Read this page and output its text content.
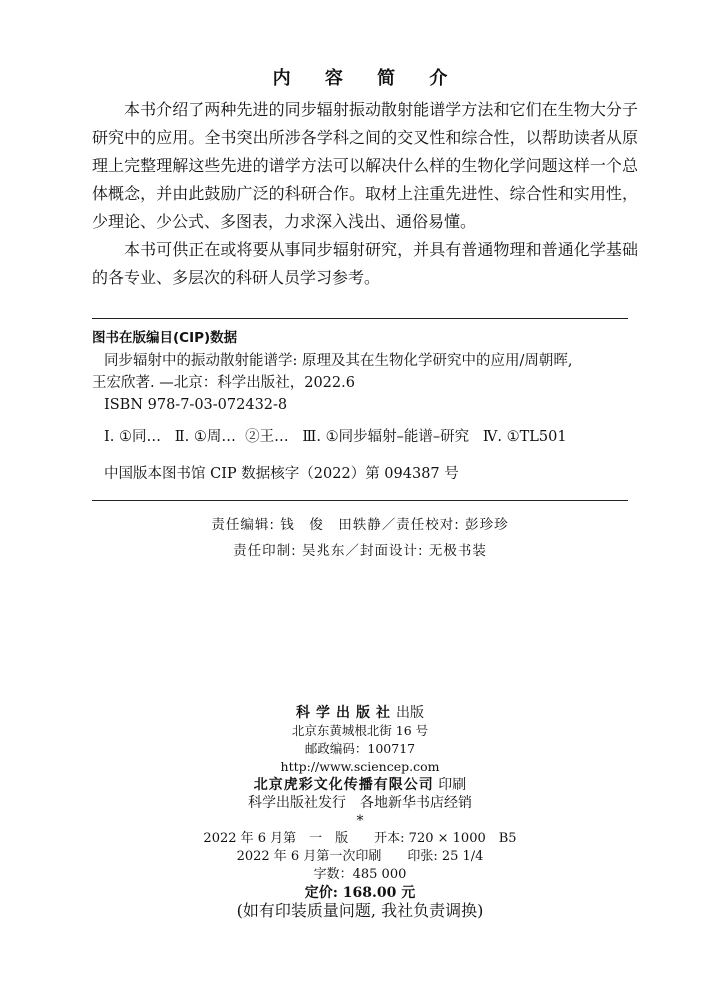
内 容 简 介

本书介绍了两种先进的同步辐射振动散射能谱学方法和它们在生物大分子研究中的应用。全书突出所涉各学科之间的交叉性和综合性，以帮助读者从原理上完整理解这些先进的谱学方法可以解决什么样的生物化学问题这样一个总体概念，并由此鼓励广泛的科研合作。取材上注重先进性、综合性和实用性，少理论、少公式、多图表，力求深入浅出、通俗易懂。

本书可供正在或将要从事同步辐射研究，并具有普通物理和普通化学基础的各专业、多层次的科研人员学习参考。

图书在版编目(CIP)数据

同步辐射中的振动散射能谱学: 原理及其在生物化学研究中的应用/周朝晖,

王宏欣著. —北京：科学出版社，2022.6

ISBN 978-7-03-072432-8

Ⅰ. ①同…   Ⅱ. ①周…  ②王…   Ⅲ. ①同步辐射–能谱–研究   Ⅳ. ①TL501

中国版本图书馆 CIP 数据核字（2022）第 094387 号

责任编辑: 钱　俊　田轶静／责任校对: 彭珍珍
责任印制: 吴兆东／封面设计: 无极书装

科学出版社出版

北京东黄城根北街 16 号

邮政编码：100717

http://www.sciencep.com

北京虎彩文化传播有限公司 印刷

科学出版社发行　各地新华书店经销

*

2022 年 6 月第　一　版　　开本: 720 × 1000　B5

2022 年 6 月第一次印刷　　印张: 25 1/4

字数：485 000

定价: 168.00 元

(如有印装质量问题, 我社负责调换)
